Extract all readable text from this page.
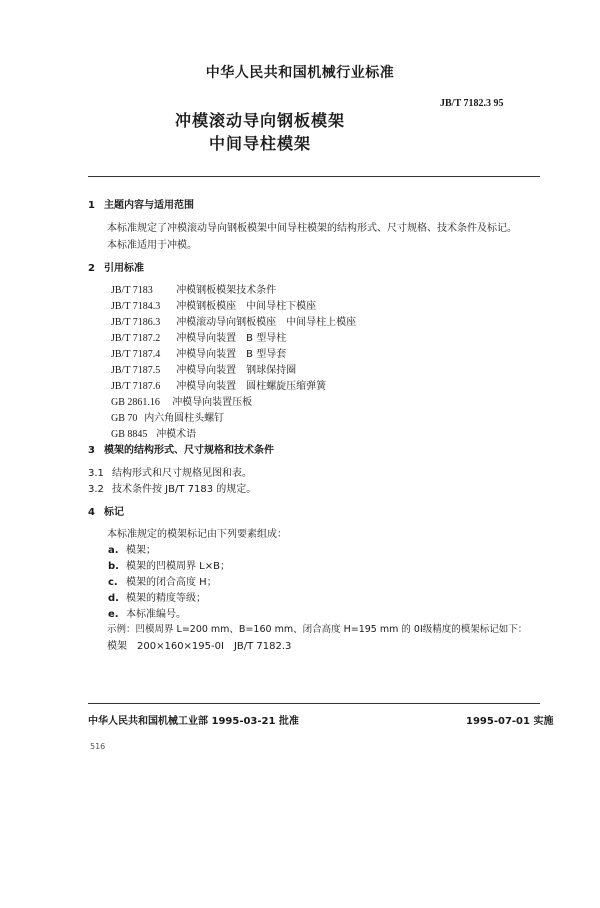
中华人民共和国机械行业标准
JB/T 7182.3 95
冲模滚动导向钢板模架
中间导柱模架
1 主题内容与适用范围
本标准规定了冲模滚动导向钢板模架中间导柱模架的结构形式、尺寸规格、技术条件及标记。
本标准适用于冲模。
2 引用标准
JB/T 7183 冲模钢板模架技术条件
JB/T 7184.3 冲模钢板模座　中间导柱下模座
JB/T 7186.3 冲模滚动导向钢板模座　中间导柱上模座
JB/T 7187.2 冲模导向装置　B 型导柱
JB/T 7187.4 冲模导向装置　B 型导套
JB/T 7187.5 冲模导向装置　钢球保持圈
JB/T 7187.6 冲模导向装置　圆柱螺旋压缩弹簧
GB 2861.16 冲模导向装置压板
GB 70 内六角圆柱头螺钉
GB 8845 冲模术语
3 模架的结构形式、尺寸规格和技术条件
3.1 结构形式和尺寸规格见图和表。
3.2 技术条件按 JB/T 7183 的规定。
4 标记
本标准规定的模架标记由下列要素组成：
a. 模架；
b. 模架的凹模周界 L×B；
c. 模架的闭合高度 H；
d. 模架的精度等级；
e. 本标准编号。
示例：凹模周界 L=200 mm、B=160 mm、闭合高度 H=195 mm 的 0Ⅰ级精度的模架标记如下：
模架　200×160×195-0Ⅰ　JB/T 7182.3
中华人民共和国机械工业部 1995-03-21 批准	1995-07-01 实施
516
